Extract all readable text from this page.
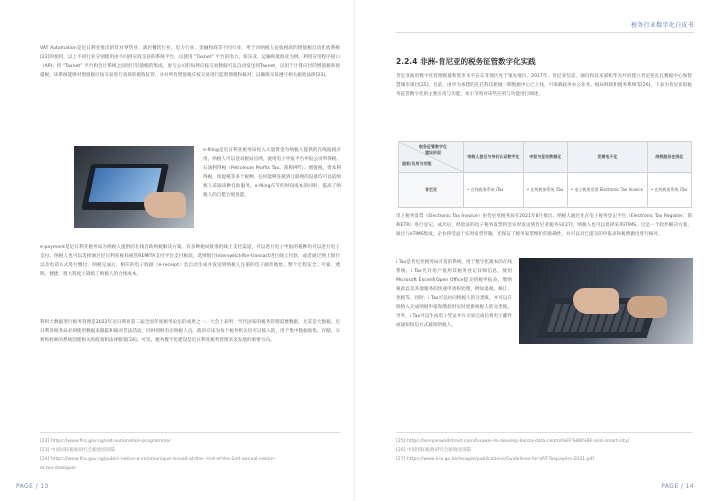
VAT Automation是尼日利亚推出的针对零售业、酒店餐饮行业、电力行业、金融和商等不同行业，用于向纳税人征收税款的增值税自动化收系统[22]的使用，以上不同行业分别使用由不同供应商支持的系统平台，以使用 “Taxnet” 平台的电力、娱乐业、运输和航海业为例，利用应用程序接口（API）将 “Taxnet” 平台和会计系统之间进行轻量级的集成，参与公司的每周应按交易数据可以自动发送到Taxnet，以用于计算应付的增值税和预提税，该系统能够对增值税应按交易进行高效的税收征管，并对所有增值税应按交易进行监察增税和核对，以确保交易遵守相关税收法律[23]。

e-filing是尼日利亚税务局投入大量资金为纳税人提供的在线报税应用。纳税人可以登录税局官网，使用电子申报平台申报公司所得税、石油利得税（Petroleum Profits Tax、简称PPT）、增值税、资本利得税、预提税等多个税种。任何能够连接到互联网的设备均可以依纳税人采取该种自助服务。e-filing在节约时间成本的同时，提高了纳税人的自愿合规意愿。

e-payment是尼日利亚税务局为纳税人提供的在线自助纳税解决方案。有多种税局批准的线上支付渠道，可以进行电子申报的税种均可以进行电子支付。纳税人也可以选择通过尼日利亚税局税管REMITA支付平台支付税款，选择银行Interswitch和e-transact进行线上付款，或者通过网上银行以及电话方式进行缴付。纳税完成后，相应的电子收据（e-receipt）会自动生成并发送到纳税人注册的电子邮件地址。整个过程安全、可靠、透明、便捷，很大程度上降低了纳税人的合规成本。

利用大数据进行税务管理是2022年尼日利亚第二届全国年度税务论坛的成果之一。大会上表明：当代国家的税务管理需要数据，尤其是大数据。尼日利亚税务局必须使用数据来跟踪和核对非法活动，同时到鲜有应纳税人员。政府应该为每个税务机关均可以接入的，用于集中数据收集、存储、分析和检索的系统创建相关的政策和法律框架[24]。可见，税务数字化建设是尼日利亚税务管理未来发展的重要方向。

[22] https://www.firs.gov.ng/vat-automation-programme/
[23] 中国国际税收研究会税收国别篇
[24] https://www.firs.gov.ng/public-notice-a-communique-issued-at-the- end-of-the-2nd-annual-nation-
al-tax-dialogue/
PAGE / 13
税务行业数字化白皮书
2.2.4 非洲-肯尼亚的税务征管数字化实践

肯尼亚政府数字化管理税量和集市水平在东非地区处于领先地位。2017年，肯尼亚信息、通信和技术部和华为共同建立肯尼亚孔孔数据中心和智慧城市项目[25]，目前，由华为承建的孔孔科技新城一期数据中心已上线，可承载政务办公业务、税局财政和税务系统等[26]。下表为肯尼亚的税务征管数字化的主要应用与功能，本小节将对该些应用与功能进行阐述。

税务征管数字化
建设阶段
国家/应用与功能	纳税人登记与身份认证数字化	申报与征收数据化	发票电子化	纳税服务在线化
肯尼亚	• 在线税务系统 iTax	• 在线税务系统 iTax	• 电子税务发票 Electronic Tax Invoice	• 在线税务系统 iTax

电子税务发票（Electronic Tax Invoice）由肯尼亚税务局在2021年8月推出。纳税人通过先在电子税务登记平台（Electronic Tax Register，简称ETR）进行登记，成功后，经验证的电子税务发票将会实时发送到肯尼亚税务局[27]，纳税人也可以选择采用iTIMS。这是一个软件解决方案，通过与eTIMS集成，企业将受益于实时发票传输，还保证了税务发票维护的准确性，并可以对已提交的申报表和税费做出进行核对。

i Tax是肯尼亚税务局开发的系统，用于数字化跟本的在线系统。i Tax允许用户使用其税务登记详细信息，使用Microsoft Excel或Open Office提交纳税申报表。缴纳税款以及其他服务的快速申请和处理，例如退税、修订、免税等。同时，i Tax可以访问纳税人的分类账，并可以在线纳入完成纳税申报和缴款时实时更新纳税人的分类账。另外，i Tax可以生成电子凭证并在交易完成后将电子邮件或通知短信方式通知纳税人。

[25] https://kenyanwallstreet.com/huawei-to-develop-konza-data-centre%EF%BB%BF-and-smart-city/
[26] 中国国际税收研究会税收国别篇
[27] https://www.kra.go.ke/images/publications/Guidelines-for-VAT-Taxpayers-2021.pdf
PAGE / 14
